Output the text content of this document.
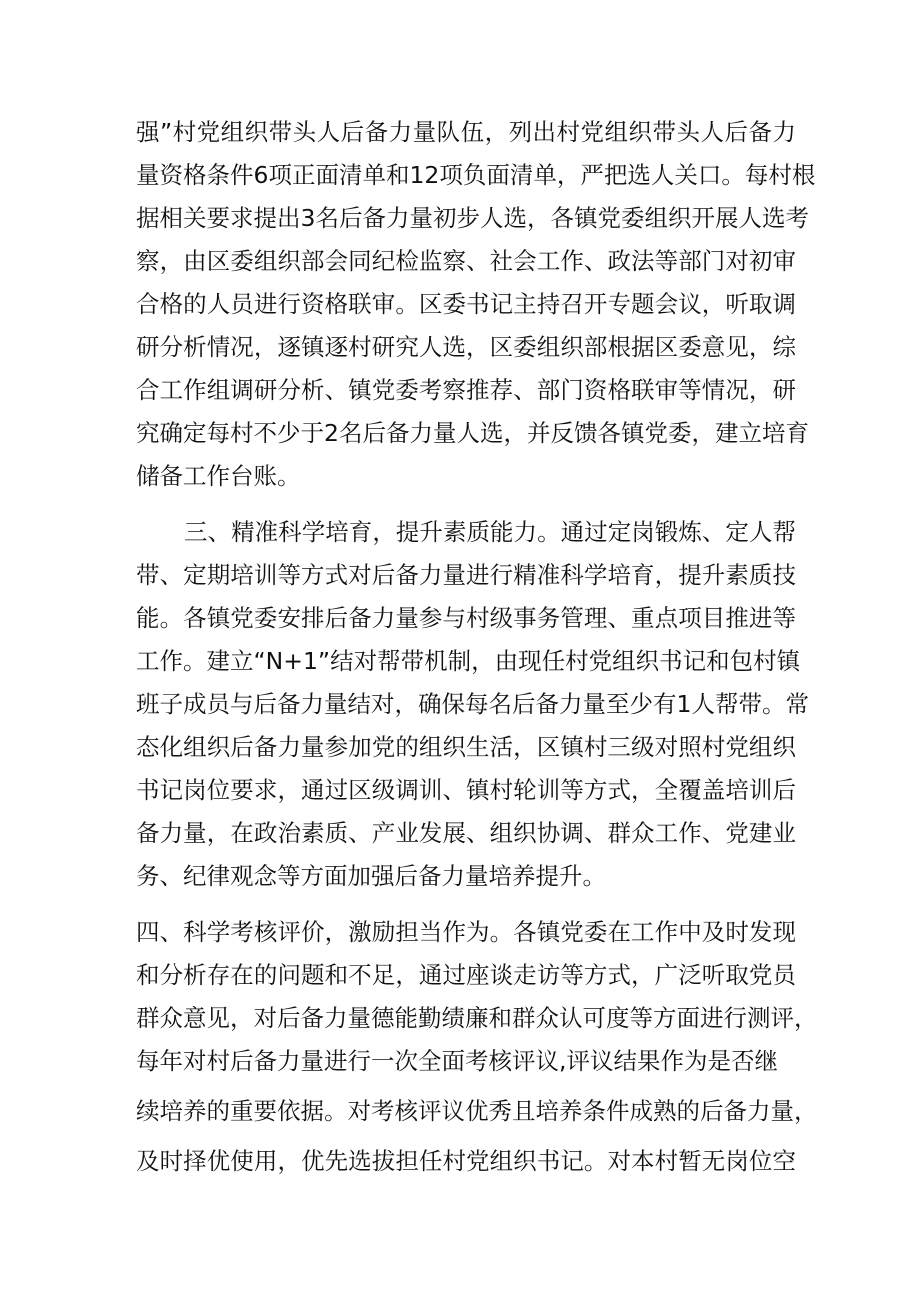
强”村党组织带头人后备力量队伍，列出村党组织带头人后备力
量资格条件6项正面清单和12项负面清单，严把选人关口。每村根
据相关要求提出3名后备力量初步人选，各镇党委组织开展人选考
察，由区委组织部会同纪检监察、社会工作、政法等部门对初审
合格的人员进行资格联审。区委书记主持召开专题会议，听取调
研分析情况，逐镇逐村研究人选，区委组织部根据区委意见，综
合工作组调研分析、镇党委考察推荐、部门资格联审等情况，研
究确定每村不少于2名后备力量人选，并反馈各镇党委，建立培育
储备工作台账。
三、精准科学培育，提升素质能力。通过定岗锻炼、定人帮
带、定期培训等方式对后备力量进行精准科学培育，提升素质技
能。各镇党委安排后备力量参与村级事务管理、重点项目推进等
工作。建立“N+1”结对帮带机制，由现任村党组织书记和包村镇
班子成员与后备力量结对，确保每名后备力量至少有1人帮带。常
态化组织后备力量参加党的组织生活，区镇村三级对照村党组织
书记岗位要求，通过区级调训、镇村轮训等方式，全覆盖培训后
备力量，在政治素质、产业发展、组织协调、群众工作、党建业
务、纪律观念等方面加强后备力量培养提升。
四、科学考核评价，激励担当作为。各镇党委在工作中及时发现
和分析存在的问题和不足，通过座谈走访等方式，广泛听取党员
群众意见，对后备力量德能勤绩廉和群众认可度等方面进行测评，
每年对村后备力量进行一次全面考核评议,评议结果作为是否继
续培养的重要依据。对考核评议优秀且培养条件成熟的后备力量，
及时择优使用，优先选拔担任村党组织书记。对本村暂无岗位空
